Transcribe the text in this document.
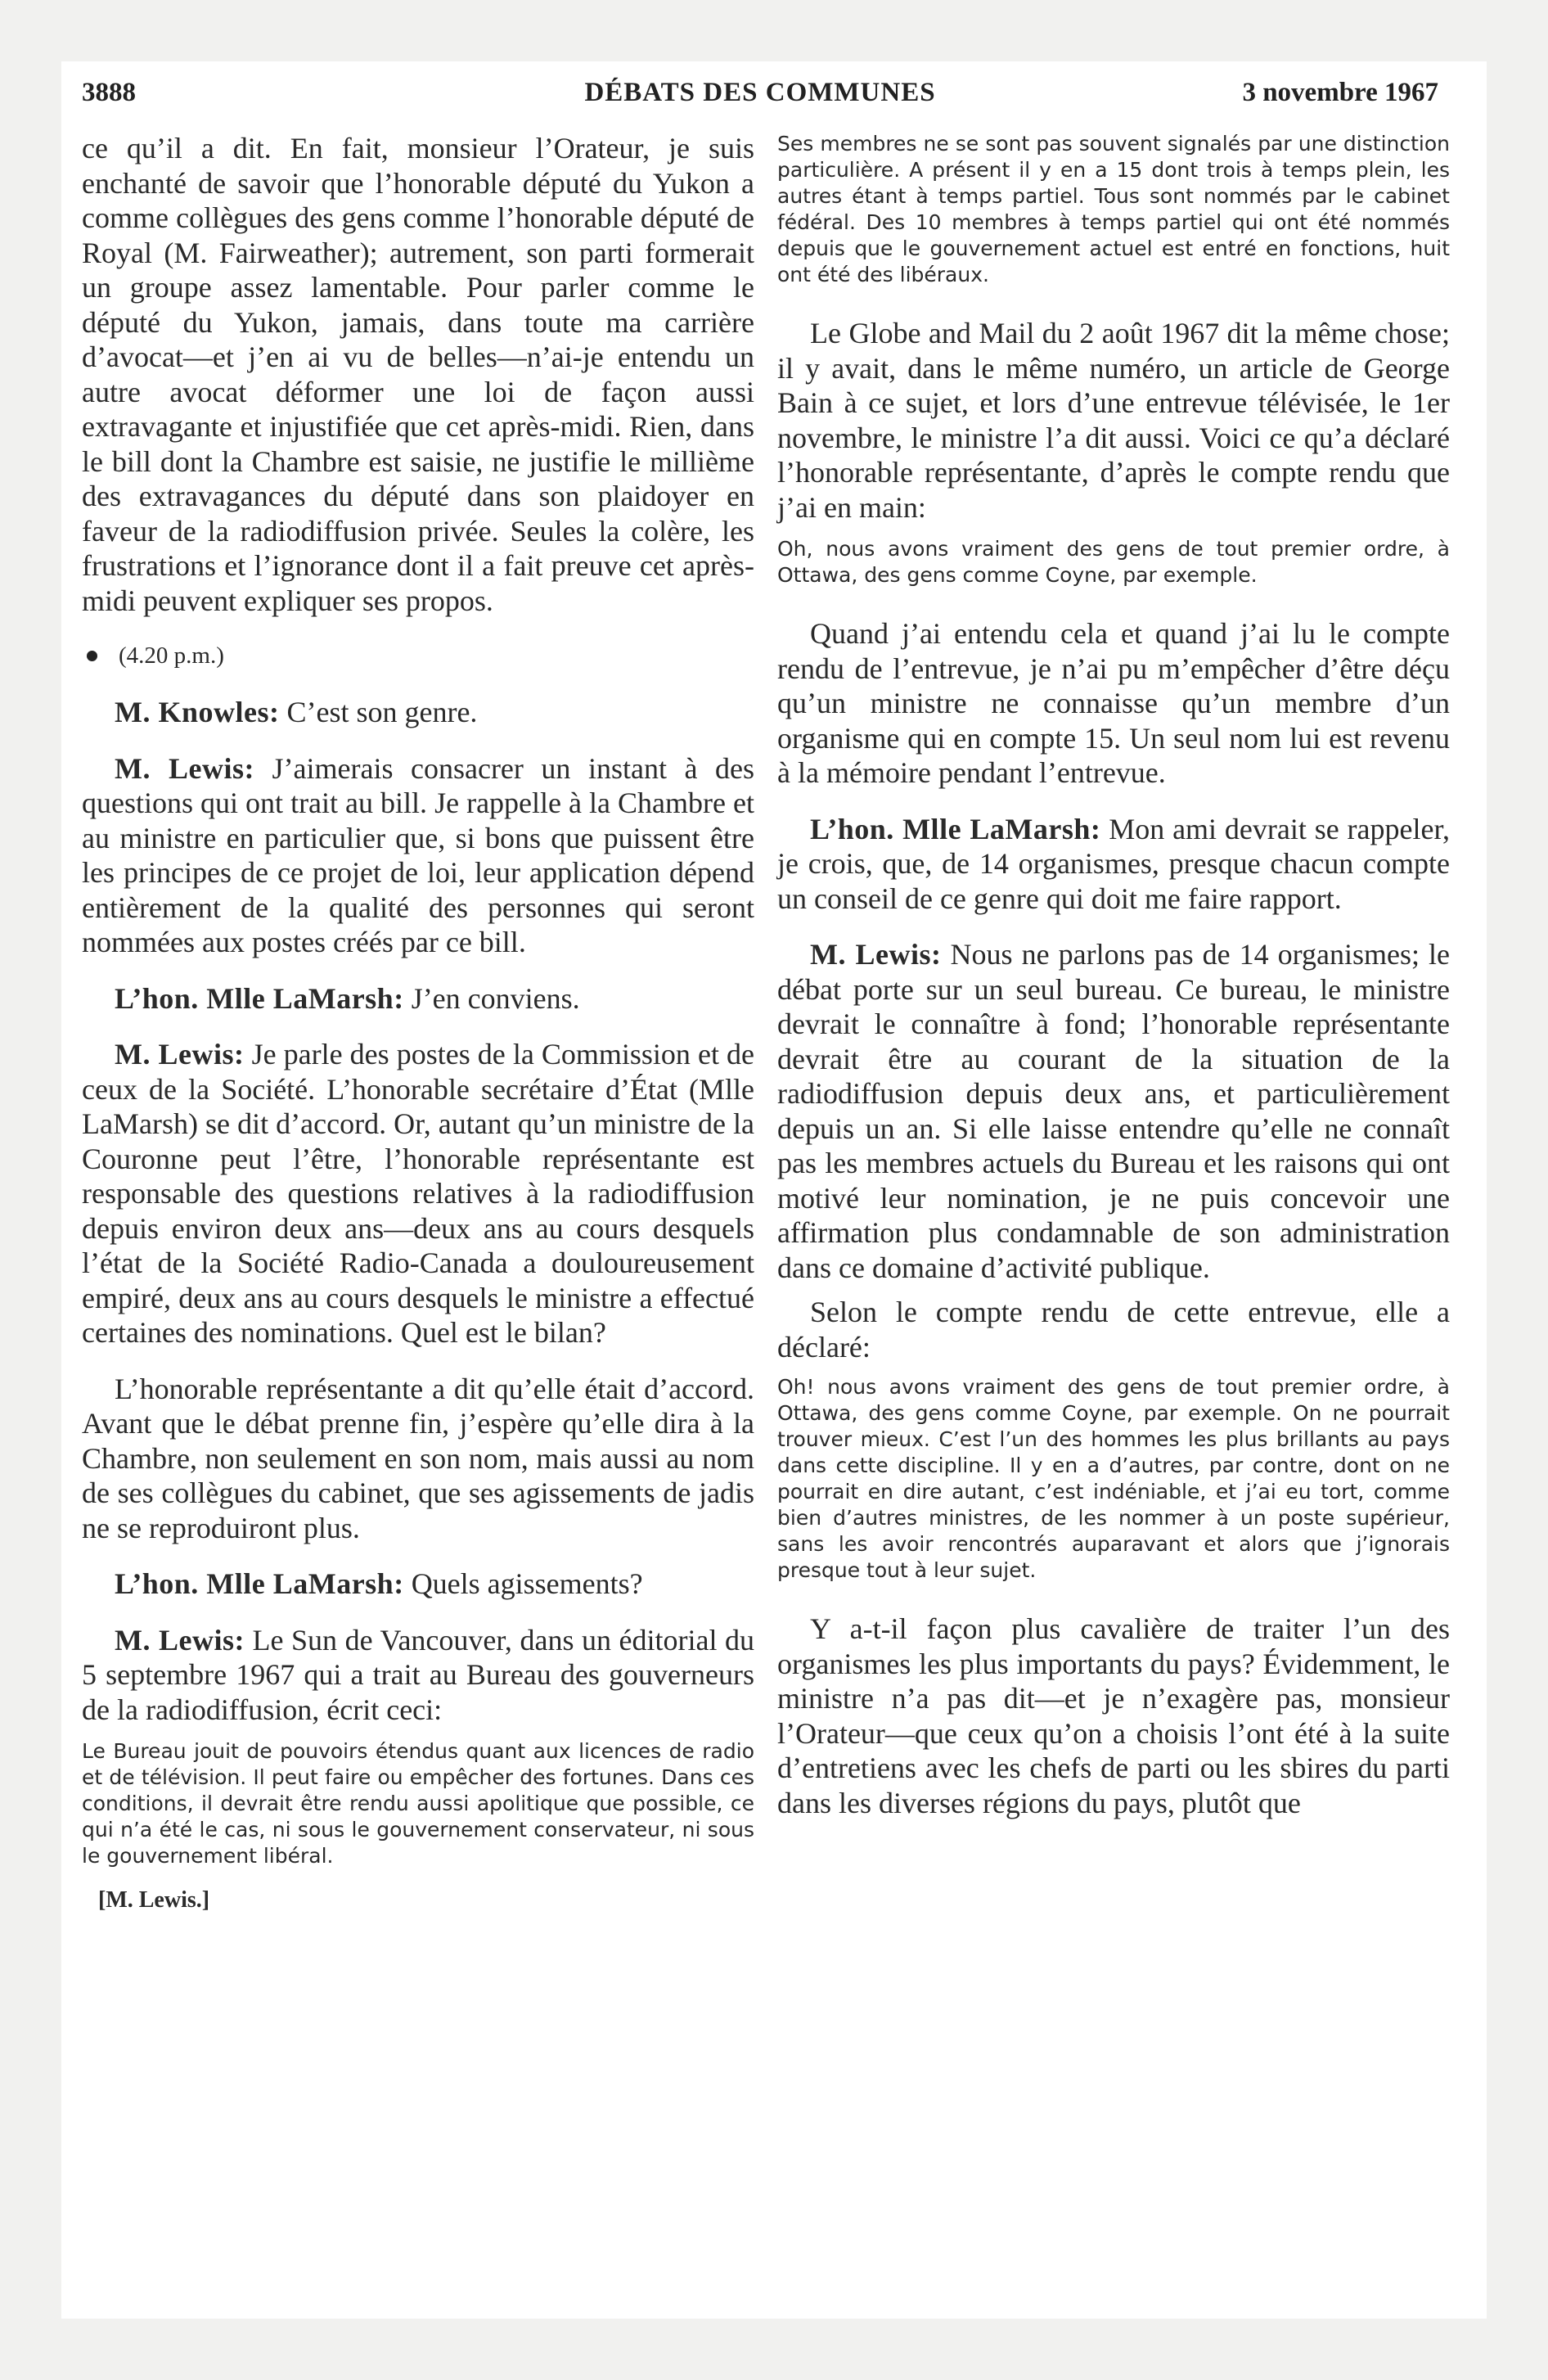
3888	DÉBATS DES COMMUNES	3 novembre 1967

ce qu’il a dit. En fait, monsieur l’Orateur, je suis enchanté de savoir que l’honorable député du Yukon a comme collègues des gens comme l’honorable député de Royal (M. Fairweather); autrement, son parti formerait un groupe assez lamentable. Pour parler comme le député du Yukon, jamais, dans toute ma carrière d’avocat—et j’en ai vu de belles—n’ai-je entendu un autre avocat déformer une loi de façon aussi extravagante et injustifiée que cet après-midi. Rien, dans le bill dont la Chambre est saisie, ne justifie le millième des extravagances du député dans son plaidoyer en faveur de la radiodiffusion privée. Seules la colère, les frustrations et l’ignorance dont il a fait preuve cet après-midi peuvent expliquer ses propos.

(4.20 p.m.)

M. Knowles: C’est son genre.

M. Lewis: J’aimerais consacrer un instant à des questions qui ont trait au bill. Je rappelle à la Chambre et au ministre en particulier que, si bons que puissent être les principes de ce projet de loi, leur application dépend entièrement de la qualité des personnes qui seront nommées aux postes créés par ce bill.

L’hon. Mlle LaMarsh: J’en conviens.

M. Lewis: Je parle des postes de la Commission et de ceux de la Société. L’honorable secrétaire d’État (Mlle LaMarsh) se dit d’accord. Or, autant qu’un ministre de la Couronne peut l’être, l’honorable représentante est responsable des questions relatives à la radiodiffusion depuis environ deux ans—deux ans au cours desquels l’état de la Société Radio-Canada a douloureusement empiré, deux ans au cours desquels le ministre a effectué certaines des nominations. Quel est le bilan?

L’honorable représentante a dit qu’elle était d’accord. Avant que le débat prenne fin, j’espère qu’elle dira à la Chambre, non seulement en son nom, mais aussi au nom de ses collègues du cabinet, que ses agissements de jadis ne se reproduiront plus.

L’hon. Mlle LaMarsh: Quels agissements?

M. Lewis: Le Sun de Vancouver, dans un éditorial du 5 septembre 1967 qui a trait au Bureau des gouverneurs de la radiodiffusion, écrit ceci:

Le Bureau jouit de pouvoirs étendus quant aux licences de radio et de télévision. Il peut faire ou empêcher des fortunes. Dans ces conditions, il devrait être rendu aussi apolitique que possible, ce qui n’a été le cas, ni sous le gouvernement conservateur, ni sous le gouvernement libéral.

[M. Lewis.]

Ses membres ne se sont pas souvent signalés par une distinction particulière. A présent il y en a 15 dont trois à temps plein, les autres étant à temps partiel. Tous sont nommés par le cabinet fédéral. Des 10 membres à temps partiel qui ont été nommés depuis que le gouvernement actuel est entré en fonctions, huit ont été des libéraux.

Le Globe and Mail du 2 août 1967 dit la même chose; il y avait, dans le même numéro, un article de George Bain à ce sujet, et lors d’une entrevue télévisée, le 1er novembre, le ministre l’a dit aussi. Voici ce qu’a déclaré l’honorable représentante, d’après le compte rendu que j’ai en main:

Oh, nous avons vraiment des gens de tout premier ordre, à Ottawa, des gens comme Coyne, par exemple.

Quand j’ai entendu cela et quand j’ai lu le compte rendu de l’entrevue, je n’ai pu m’empêcher d’être déçu qu’un ministre ne connaisse qu’un membre d’un organisme qui en compte 15. Un seul nom lui est revenu à la mémoire pendant l’entrevue.

L’hon. Mlle LaMarsh: Mon ami devrait se rappeler, je crois, que, de 14 organismes, presque chacun compte un conseil de ce genre qui doit me faire rapport.

M. Lewis: Nous ne parlons pas de 14 organismes; le débat porte sur un seul bureau. Ce bureau, le ministre devrait le connaître à fond; l’honorable représentante devrait être au courant de la situation de la radiodiffusion depuis deux ans, et particulièrement depuis un an. Si elle laisse entendre qu’elle ne connaît pas les membres actuels du Bureau et les raisons qui ont motivé leur nomination, je ne puis concevoir une affirmation plus condamnable de son administration dans ce domaine d’activité publique.

Selon le compte rendu de cette entrevue, elle a déclaré:

Oh! nous avons vraiment des gens de tout premier ordre, à Ottawa, des gens comme Coyne, par exemple. On ne pourrait trouver mieux. C’est l’un des hommes les plus brillants au pays dans cette discipline. Il y en a d’autres, par contre, dont on ne pourrait en dire autant, c’est indéniable, et j’ai eu tort, comme bien d’autres ministres, de les nommer à un poste supérieur, sans les avoir rencontrés auparavant et alors que j’ignorais presque tout à leur sujet.

Y a-t-il façon plus cavalière de traiter l’un des organismes les plus importants du pays? Évidemment, le ministre n’a pas dit—et je n’exagère pas, monsieur l’Orateur—que ceux qu’on a choisis l’ont été à la suite d’entretiens avec les chefs de parti ou les sbires du parti dans les diverses régions du pays, plutôt que
